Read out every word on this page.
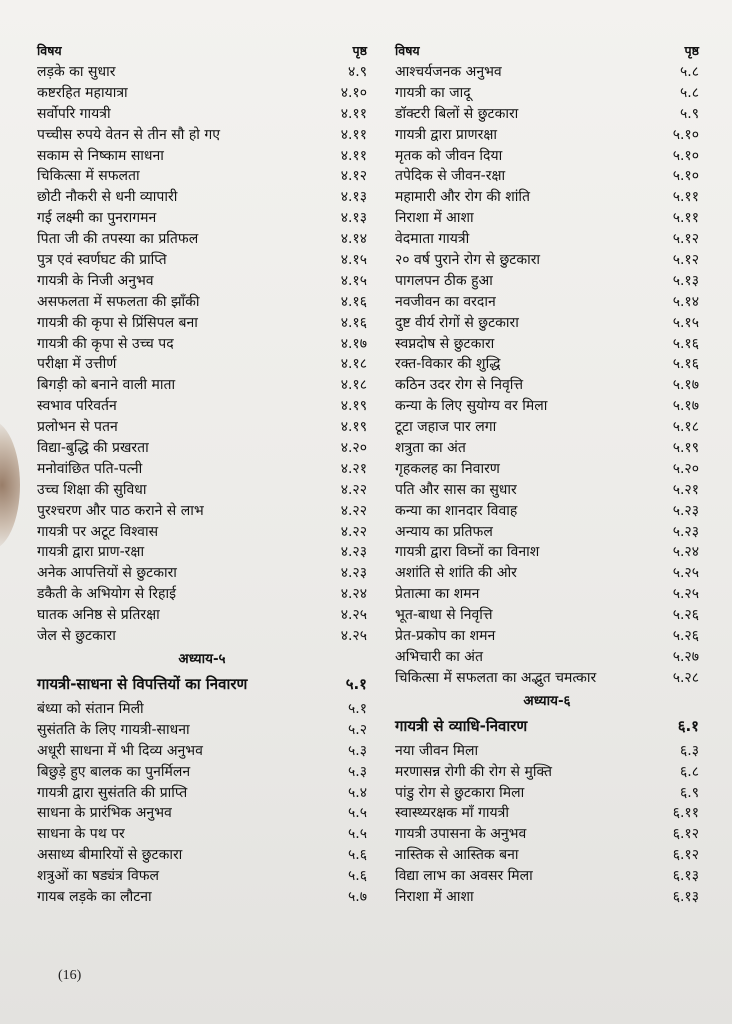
विषय	पृष्ठ
लड़के का सुधार	४.९
कष्टरहित महायात्रा	४.१०
सर्वोपरि गायत्री	४.११
पच्चीस रुपये वेतन से तीन सौ हो गए	४.११
सकाम से निष्काम साधना	४.११
चिकित्सा में सफलता	४.१२
छोटी नौकरी से धनी व्यापारी	४.१३
गई लक्ष्मी का पुनरागमन	४.१३
पिता जी की तपस्या का प्रतिफल	४.१४
पुत्र एवं स्वर्णघट की प्राप्ति	४.१५
गायत्री के निजी अनुभव	४.१५
असफलता में सफलता की झाँकी	४.१६
गायत्री की कृपा से प्रिंसिपल बना	४.१६
गायत्री की कृपा से उच्च पद	४.१७
परीक्षा में उत्तीर्ण	४.१८
बिगड़ी को बनाने वाली माता	४.१८
स्वभाव परिवर्तन	४.१९
प्रलोभन से पतन	४.१९
विद्या-बुद्धि की प्रखरता	४.२०
मनोवांछित पति-पत्नी	४.२१
उच्च शिक्षा की सुविधा	४.२२
पुरश्चरण और पाठ कराने से लाभ	४.२२
गायत्री पर अटूट विश्वास	४.२२
गायत्री द्वारा प्राण-रक्षा	४.२३
अनेक आपत्तियों से छुटकारा	४.२३
डकैती के अभियोग से रिहाई	४.२४
घातक अनिष्ठ से प्रतिरक्षा	४.२५
जेल से छुटकारा	४.२५
अध्याय-५
गायत्री-साधना से विपत्तियों का निवारण	५.१
बंध्या को संतान मिली	५.१
सुसंतति के लिए गायत्री-साधना	५.२
अधूरी साधना में भी दिव्य अनुभव	५.३
बिछुड़े हुए बालक का पुनर्मिलन	५.३
गायत्री द्वारा सुसंतति की प्राप्ति	५.४
साधना के प्रारंभिक अनुभव	५.५
साधना के पथ पर	५.५
असाध्य बीमारियों से छुटकारा	५.६
शत्रुओं का षड्यंत्र विफल	५.६
गायब लड़के का लौटना	५.७
विषय	पृष्ठ
आश्चर्यजनक अनुभव	५.८
गायत्री का जादू	५.८
डॉक्टरी बिलों से छुटकारा	५.९
गायत्री द्वारा प्राणरक्षा	५.१०
मृतक को जीवन दिया	५.१०
तपेदिक से जीवन-रक्षा	५.१०
महामारी और रोग की शांति	५.११
निराशा में आशा	५.११
वेदमाता गायत्री	५.१२
२० वर्ष पुराने रोग से छुटकारा	५.१२
पागलपन ठीक हुआ	५.१३
नवजीवन का वरदान	५.१४
दुष्ट वीर्य रोगों से छुटकारा	५.१५
स्वप्नदोष से छुटकारा	५.१६
रक्त-विकार की शुद्धि	५.१६
कठिन उदर रोग से निवृत्ति	५.१७
कन्या के लिए सुयोग्य वर मिला	५.१७
टूटा जहाज पार लगा	५.१८
शत्रुता का अंत	५.१९
गृहकलह का निवारण	५.२०
पति और सास का सुधार	५.२१
कन्या का शानदार विवाह	५.२३
अन्याय का प्रतिफल	५.२३
गायत्री द्वारा विघ्नों का विनाश	५.२४
अशांति से शांति की ओर	५.२५
प्रेतात्मा का शमन	५.२५
भूत-बाधा से निवृत्ति	५.२६
प्रेत-प्रकोप का शमन	५.२६
अभिचारी का अंत	५.२७
चिकित्सा में सफलता का अद्भुत चमत्कार	५.२८
अध्याय-६
गायत्री से व्याधि-निवारण	६.१
नया जीवन मिला	६.३
मरणासन्न रोगी की रोग से मुक्ति	६.८
पांडु रोग से छुटकारा मिला	६.९
स्वास्थ्यरक्षक माँ गायत्री	६.११
गायत्री उपासना के अनुभव	६.१२
नास्तिक से आस्तिक बना	६.१२
विद्या लाभ का अवसर मिला	६.१३
निराशा में आशा	६.१३
(16)
